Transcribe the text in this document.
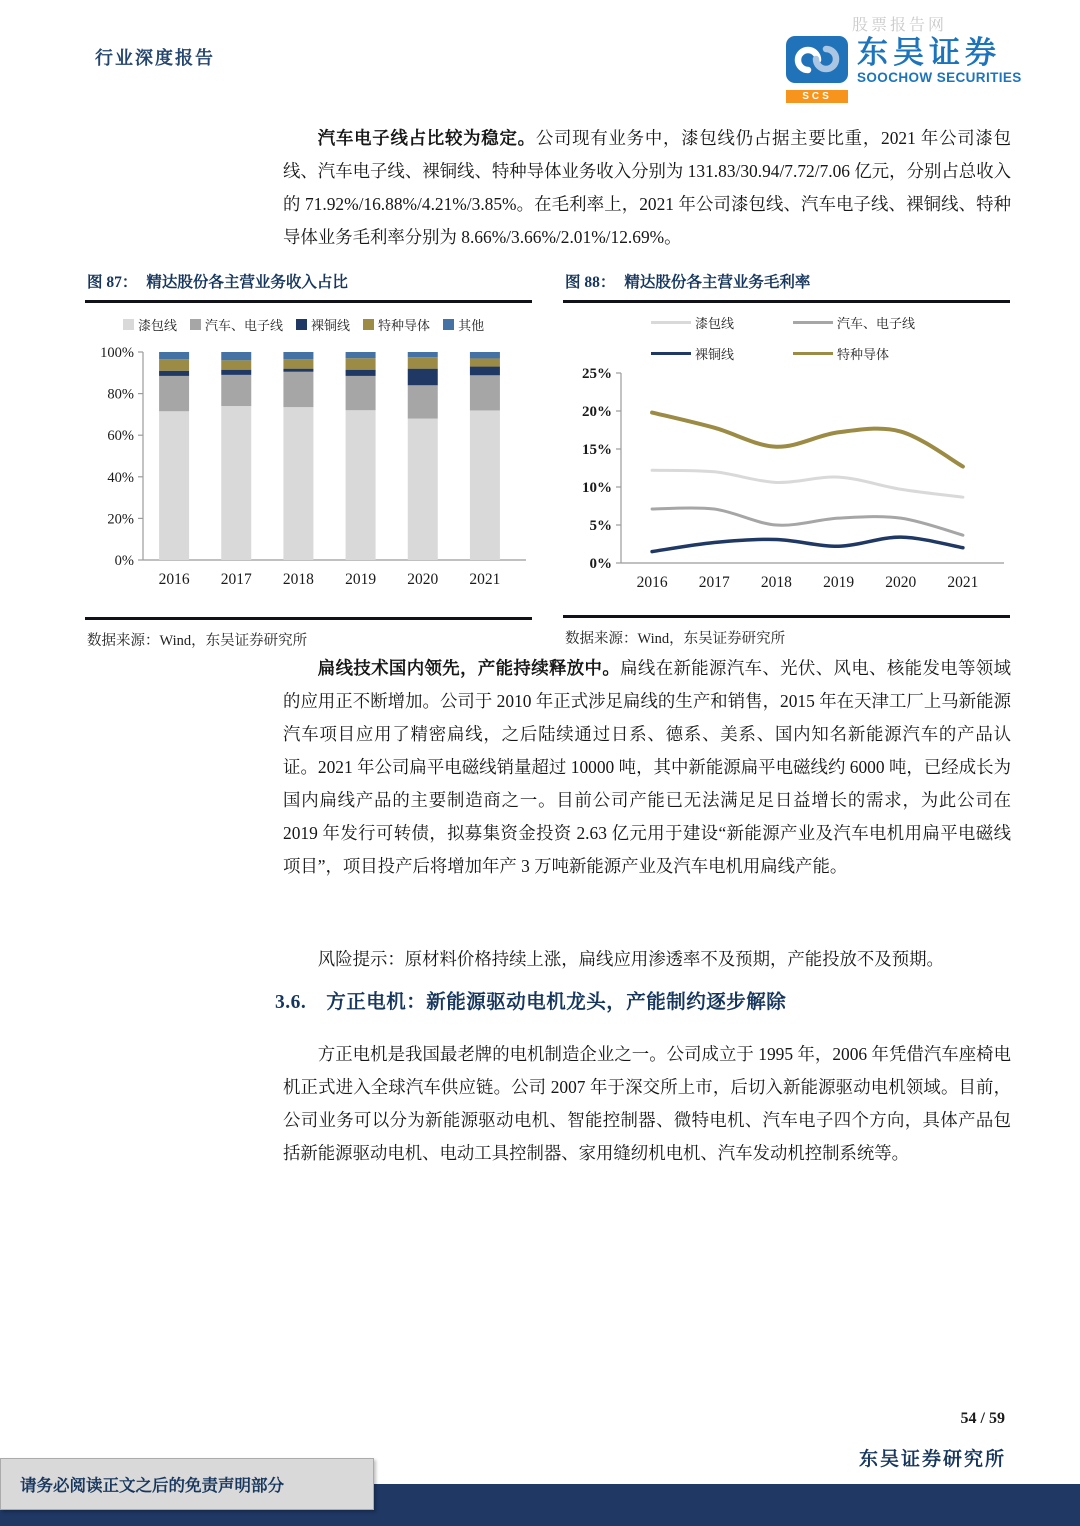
股票报告网
行业深度报告
SCS
东吴证券
SOOCHOW SECURITIES

汽车电子线占比较为稳定。公司现有业务中，漆包线仍占据主要比重，2021 年公司漆包线、汽车电子线、裸铜线、特种导体业务收入分别为 131.83/30.94/7.72/7.06 亿元，分别占总收入的 71.92%/16.88%/4.21%/3.85%。在毛利率上，2021 年公司漆包线、汽车电子线、裸铜线、特种导体业务毛利率分别为 8.66%/3.66%/2.01%/12.69%。

图 87： 精达股份各主营业务收入占比
漆包线 汽车、电子线 裸铜线 特种导体 其他
0%
20%
40%
60%
80%
100%
2016 2017 2018 2019 2020 2021
数据来源：Wind，东吴证券研究所
图 88： 精达股份各主营业务毛利率
漆包线	汽车、电子线
裸铜线	特种导体
0%
5%
10%
15%
20%
25%
2016 2017 2018 2019 2020 2021
数据来源：Wind，东吴证券研究所

扁线技术国内领先，产能持续释放中。扁线在新能源汽车、光伏、风电、核能发电等领域的应用正不断增加。公司于 2010 年正式涉足扁线的生产和销售，2015 年在天津工厂上马新能源汽车项目应用了精密扁线，之后陆续通过日系、德系、美系、国内知名新能源汽车的产品认证。2021 年公司扁平电磁线销量超过 10000 吨，其中新能源扁平电磁线约 6000 吨，已经成长为国内扁线产品的主要制造商之一。目前公司产能已无法满足足日益增长的需求，为此公司在 2019 年发行可转债，拟募集资金投资 2.63 亿元用于建设“新能源产业及汽车电机用扁平电磁线项目”，项目投产后将增加年产 3 万吨新能源产业及汽车电机用扁线产能。

风险提示：原材料价格持续上涨，扁线应用渗透率不及预期，产能投放不及预期。

3.6. 方正电机：新能源驱动电机龙头，产能制约逐步解除

方正电机是我国最老牌的电机制造企业之一。公司成立于 1995 年，2006 年凭借汽车座椅电机正式进入全球汽车供应链。公司 2007 年于深交所上市，后切入新能源驱动电机领域。目前，公司业务可以分为新能源驱动电机、智能控制器、微特电机、汽车电子四个方向，具体产品包括新能源驱动电机、电动工具控制器、家用缝纫机电机、汽车发动机控制系统等。

54 / 59
东吴证券研究所
请务必阅读正文之后的免责声明部分
